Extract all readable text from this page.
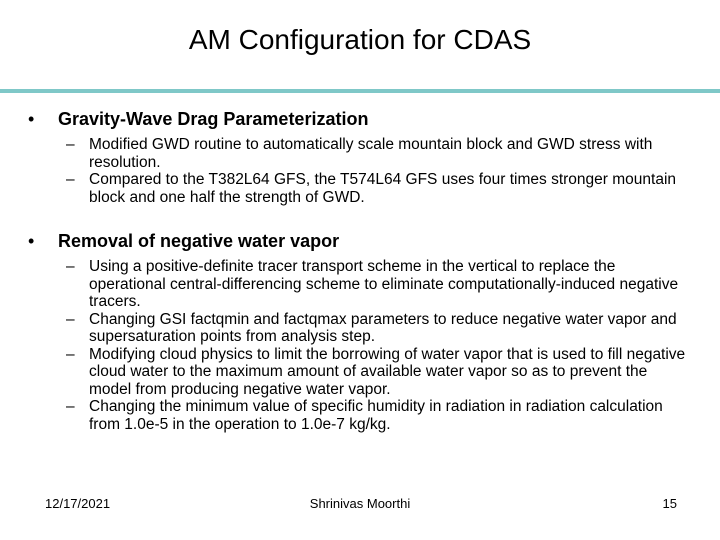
AM Configuration for CDAS
• Gravity-Wave Drag Parameterization
– Modified GWD routine to automatically scale mountain block and GWD stress with resolution.
– Compared to the T382L64 GFS, the T574L64 GFS uses four times stronger mountain block and one half the strength of GWD.
• Removal of negative water vapor
– Using a positive-definite tracer transport scheme in the vertical to replace the operational central-differencing scheme to eliminate computationally-induced negative tracers.
– Changing GSI factqmin and factqmax parameters to reduce negative water vapor and supersaturation points from analysis step.
– Modifying cloud physics to limit the borrowing of water vapor that is used to fill negative cloud water to the maximum amount of available water vapor so as to prevent the model from producing negative water vapor.
– Changing the minimum value of specific humidity in radiation in radiation calculation from 1.0e-5 in the operation to 1.0e-7 kg/kg.
12/17/2021	Shrinivas Moorthi	15
